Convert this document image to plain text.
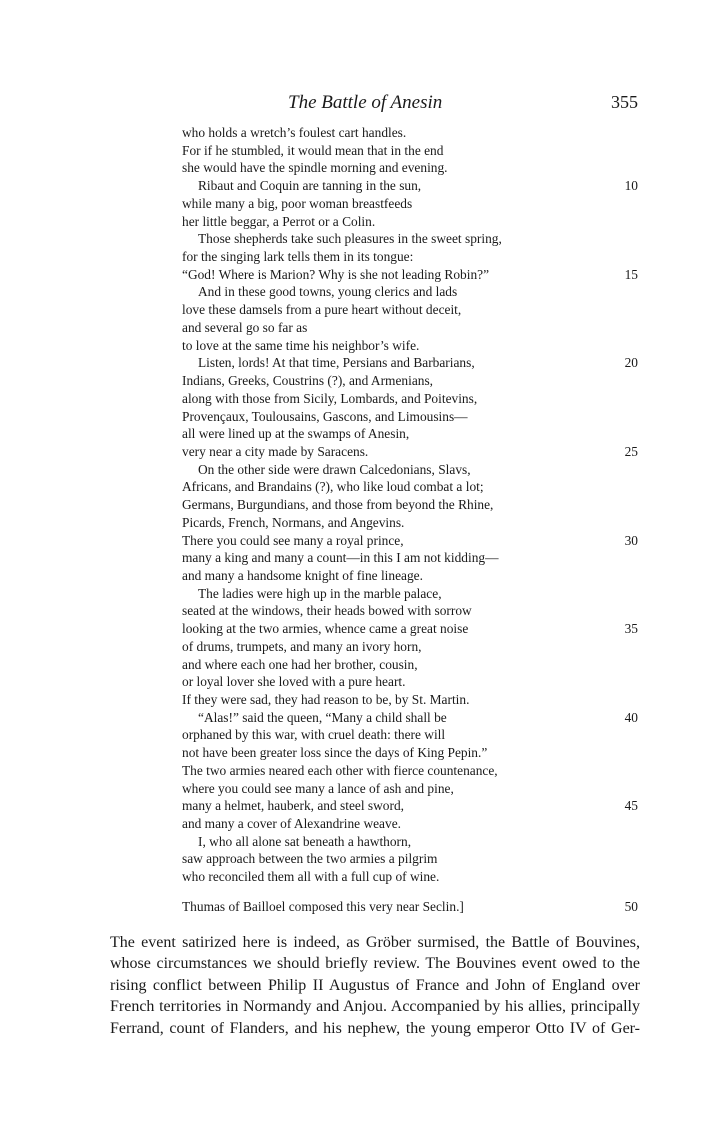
The Battle of Anesin	355
who holds a wretch’s foulest cart handles.
For if he stumbled, it would mean that in the end
she would have the spindle morning and evening.
Ribaut and Coquin are tanning in the sun,	10
while many a big, poor woman breastfeeds
her little beggar, a Perrot or a Colin.
Those shepherds take such pleasures in the sweet spring,
for the singing lark tells them in its tongue:
“God! Where is Marion? Why is she not leading Robin?”	15
And in these good towns, young clerics and lads
love these damsels from a pure heart without deceit,
and several go so far as
to love at the same time his neighbor’s wife.
Listen, lords! At that time, Persians and Barbarians,	20
Indians, Greeks, Coustrins (?), and Armenians,
along with those from Sicily, Lombards, and Poitevins,
Provençaux, Toulousains, Gascons, and Limousins—
all were lined up at the swamps of Anesin,
very near a city made by Saracens.	25
On the other side were drawn Calcedonians, Slavs,
Africans, and Brandains (?), who like loud combat a lot;
Germans, Burgundians, and those from beyond the Rhine,
Picards, French, Normans, and Angevins.
There you could see many a royal prince,	30
many a king and many a count—in this I am not kidding—
and many a handsome knight of fine lineage.
The ladies were high up in the marble palace,
seated at the windows, their heads bowed with sorrow
looking at the two armies, whence came a great noise	35
of drums, trumpets, and many an ivory horn,
and where each one had her brother, cousin,
or loyal lover she loved with a pure heart.
If they were sad, they had reason to be, by St. Martin.
“Alas!” said the queen, “Many a child shall be	40
orphaned by this war, with cruel death: there will
not have been greater loss since the days of King Pepin.”
The two armies neared each other with fierce countenance,
where you could see many a lance of ash and pine,
many a helmet, hauberk, and steel sword,	45
and many a cover of Alexandrine weave.
I, who all alone sat beneath a hawthorn,
saw approach between the two armies a pilgrim
who reconciled them all with a full cup of wine.
Thumas of Bailloel composed this very near Seclin.]	50
The event satirized here is indeed, as Gröber surmised, the Battle of Bouvines,
whose circumstances we should briefly review. The Bouvines event owed to the
rising conflict between Philip II Augustus of France and John of England over
French territories in Normandy and Anjou. Accompanied by his allies, principally
Ferrand, count of Flanders, and his nephew, the young emperor Otto IV of Ger-
